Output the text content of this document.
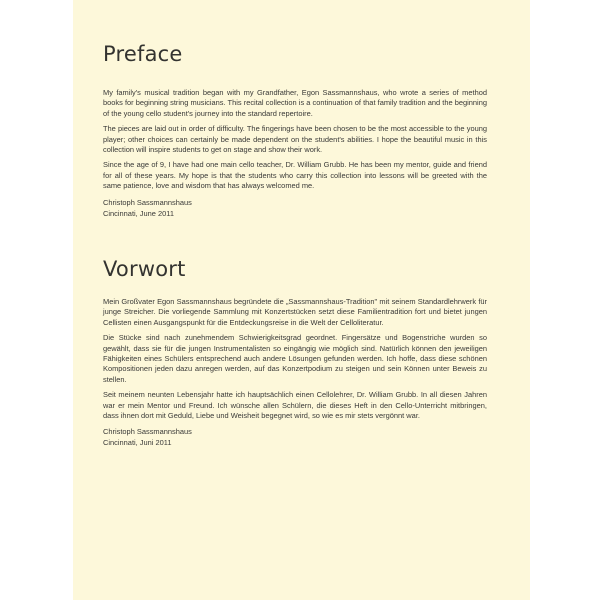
Preface

My family's musical tradition began with my Grandfather, Egon Sassmannshaus, who wrote a series of method books for beginning string musicians. This recital collection is a continuation of that family tradition and the beginning of the young cello student's journey into the standard repertoire.

The pieces are laid out in order of difficulty. The fingerings have been chosen to be the most accessible to the young player; other choices can certainly be made dependent on the student's abilities. I hope the beautiful music in this collection will inspire students to get on stage and show their work.

Since the age of 9, I have had one main cello teacher, Dr. William Grubb. He has been my mentor, guide and friend for all of these years. My hope is that the students who carry this collection into lessons will be greeted with the same patience, love and wisdom that has always welcomed me.

Christoph Sassmannshaus
Cincinnati, June 2011
Vorwort

Mein Großvater Egon Sassmannshaus begründete die „Sassmannshaus-Tradition" mit seinem Standardlehrwerk für junge Streicher. Die vorliegende Sammlung mit Konzertstücken setzt diese Familientradition fort und bietet jungen Cellisten einen Ausgangspunkt für die Entdeckungsreise in die Welt der Celloliteratur.

Die Stücke sind nach zunehmendem Schwierigkeitsgrad geordnet. Fingersätze und Bogenstriche wurden so gewählt, dass sie für die jungen Instrumentalisten so eingängig wie möglich sind. Natürlich können den jeweiligen Fähigkeiten eines Schülers entsprechend auch andere Lösungen gefunden werden. Ich hoffe, dass diese schönen Kompositionen jeden dazu anregen werden, auf das Konzertpodium zu steigen und sein Können unter Beweis zu stellen.

Seit meinem neunten Lebensjahr hatte ich hauptsächlich einen Cellolehrer, Dr. William Grubb. In all diesen Jahren war er mein Mentor und Freund. Ich wünsche allen Schülern, die dieses Heft in den Cello-Unterricht mitbringen, dass ihnen dort mit Geduld, Liebe und Weisheit begegnet wird, so wie es mir stets vergönnt war.

Christoph Sassmannshaus
Cincinnati, Juni 2011
